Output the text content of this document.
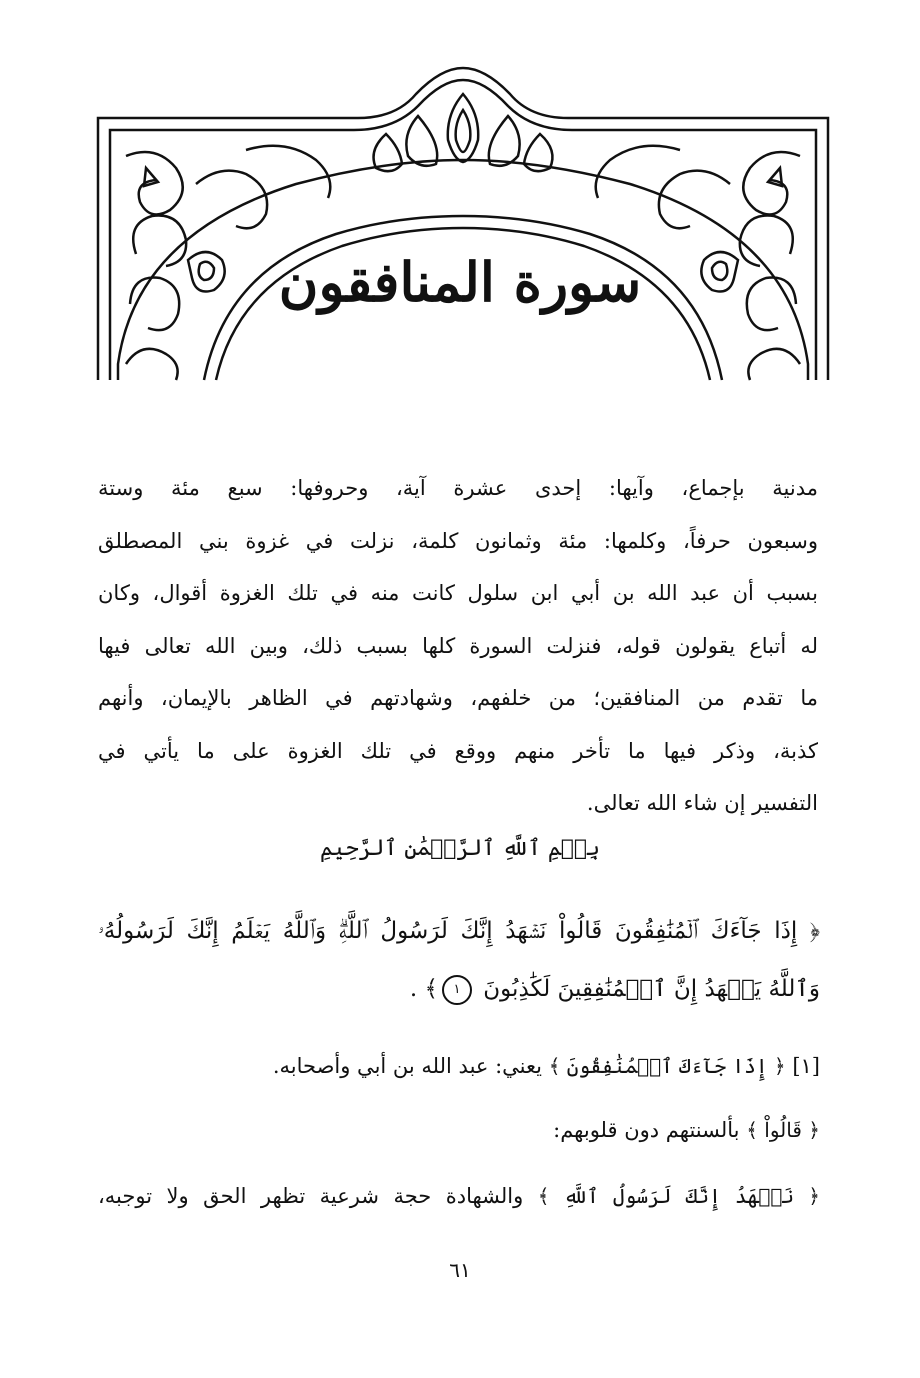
سورة المنافقون
مدنية بإجماع، وآيها: إحدى عشرة آية، وحروفها: سبع مئة وستة
وسبعون حرفاً، وكلمها: مئة وثمانون كلمة، نزلت في غزوة بني المصطلق
بسبب أن عبد الله بن أبي ابن سلول كانت منه في تلك الغزوة أقوال، وكان
له أتباع يقولون قوله، فنزلت السورة كلها بسبب ذلك، وبين الله تعالى فيها
ما تقدم من المنافقين؛ من خلفهم، وشهادتهم في الظاهر بالإيمان، وأنهم
كذبة، وذكر فيها ما تأخر منهم ووقع في تلك الغزوة على ما يأتي في
التفسير إن شاء الله تعالى.
بِسۡمِ ٱللَّهِ ٱلرَّحۡمَٰنِ ٱلرَّحِيمِ
﴿ إِذَا جَآءَكَ ٱلۡمُنَٰفِقُونَ قَالُواْ نَشۡهَدُ إِنَّكَ لَرَسُولُ ٱللَّهِۗ وَٱللَّهُ يَعۡلَمُ إِنَّكَ لَرَسُولُهُۥ
وَٱللَّهُ يَشۡهَدُ إِنَّ ٱلۡمُنَٰفِقِينَ لَكَٰذِبُونَ ١﴾ .
[١] ﴿ إِذَا جَآءَكَ ٱلۡمُنَٰفِقُونَ ﴾ يعني: عبد الله بن أبي وأصحابه.
﴿ قَالُواْ ﴾ بألسنتهم دون قلوبهم:
﴿ نَشۡهَدُ إِنَّكَ لَرَسُولُ ٱللَّهِ ﴾ والشهادة حجة شرعية تظهر الحق ولا توجبه،
٦١
